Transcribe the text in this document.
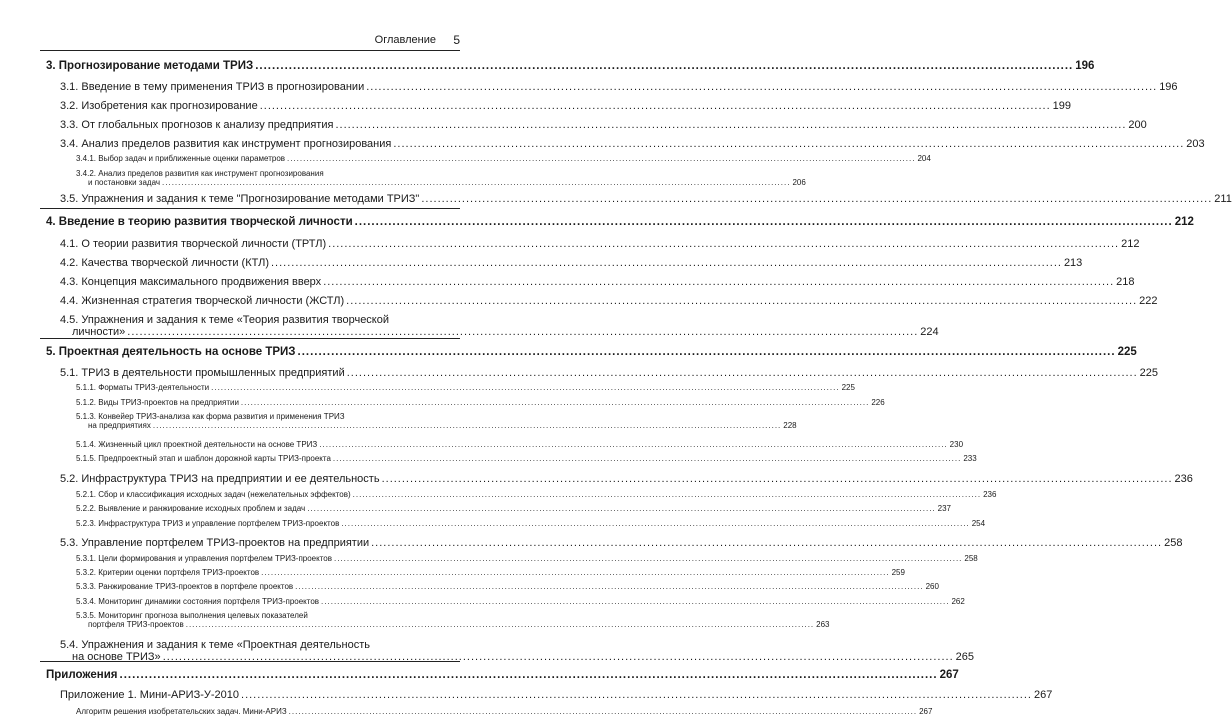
Оглавление 5
3. Прогнозирование методами ТРИЗ .....	196
3.1. Введение в тему применения ТРИЗ в прогнозировании .....	196
3.2. Изобретения как прогнозирование .....	199
3.3. От глобальных прогнозов к анализу предприятия .....	200
3.4. Анализ пределов развития как инструмент прогнозирования .....	203
3.4.1. Выбор задач и приближенные оценки параметров .....	204
3.4.2. Анализ пределов развития как инструмент прогнозирования
и постановки задач .....	206
3.5. Упражнения и задания к теме "Прогнозирование методами ТРИЗ" .....	211
4. Введение в теорию развития творческой личности .....	212
4.1. О теории развития творческой личности (ТРТЛ) .....	212
4.2. Качества творческой личности (КТЛ) .....	213
4.3. Концепция максимального продвижения вверх .....	218
4.4. Жизненная стратегия творческой личности (ЖСТЛ) .....	222
4.5. Упражнения и задания к теме «Теория развития творческой
личности» .....	224
5. Проектная деятельность на основе ТРИЗ .....	225
5.1. ТРИЗ в деятельности промышленных предприятий .....	225
5.1.1. Форматы ТРИЗ-деятельности .....	225
5.1.2. Виды ТРИЗ-проектов на предприятии .....	226
5.1.3. Конвейер ТРИЗ-анализа как форма развития и применения ТРИЗ
на предприятиях .....	228
5.1.4. Жизненный цикл проектной деятельности на основе ТРИЗ .....	230
5.1.5. Предпроектный этап и шаблон дорожной карты ТРИЗ-проекта .....	233
5.2. Инфраструктура ТРИЗ на предприятии и ее деятельность .....	236
5.2.1. Сбор и классификация исходных задач (нежелательных эффектов) .....	236
5.2.2. Выявление и ранжирование исходных проблем и задач .....	237
5.2.3. Инфраструктура ТРИЗ и управление портфелем ТРИЗ-проектов .....	254
5.3. Управление портфелем ТРИЗ-проектов на предприятии .....	258
5.3.1. Цели формирования и управления портфелем ТРИЗ-проектов .....	258
5.3.2. Критерии оценки портфеля ТРИЗ-проектов .....	259
5.3.3. Ранжирование ТРИЗ-проектов в портфеле проектов .....	260
5.3.4. Мониторинг динамики состояния портфеля ТРИЗ-проектов .....	262
5.3.5. Мониторинг прогноза выполнения целевых показателей
портфеля ТРИЗ-проектов .....	263
5.4. Упражнения и задания к теме «Проектная деятельность
на основе ТРИЗ» .....	265
Приложения .....	267
Приложение 1. Мини-АРИЗ-У-2010 .....	267
Алгоритм решения изобретательских задач. Мини-АРИЗ .....	267
